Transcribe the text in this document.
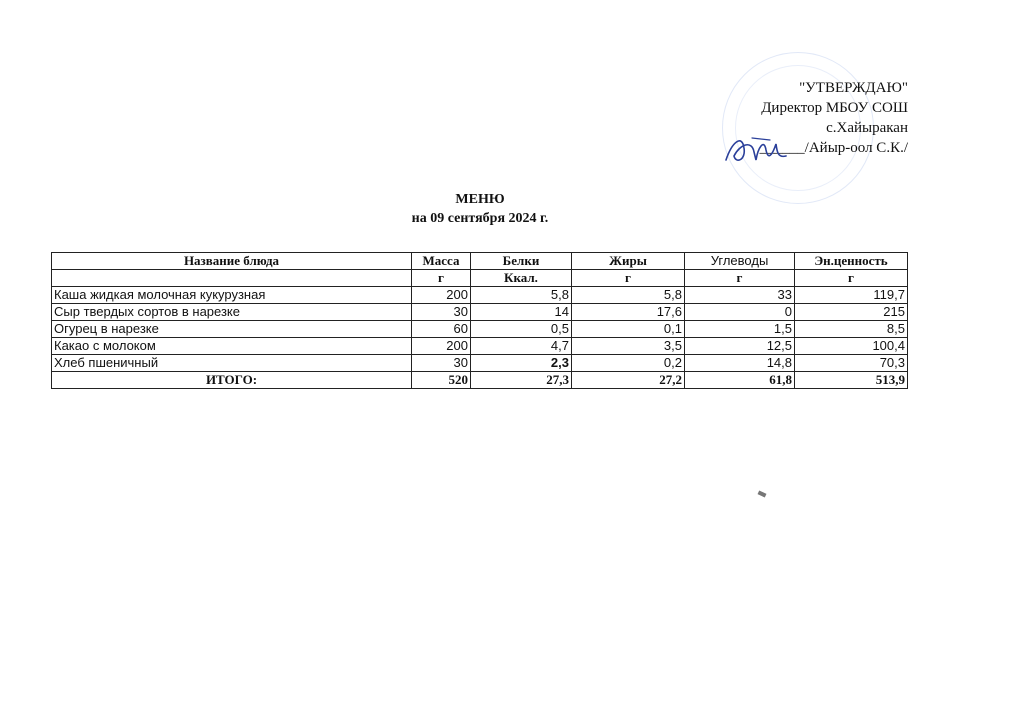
"УТВЕРЖДАЮ"
Директор МБОУ СОШ
с.Хайыракан
______/Айыр-оол С.К./
МЕНЮ
на 09 сентября 2024 г.
Название блюда	Масса	Белки	Жиры	Углеводы	Эн.ценность
	г	Ккал.	г	г	г
Каша жидкая молочная кукурузная	200	5,8	5,8	33	119,7
Сыр твердых сортов в нарезке	30	14	17,6	0	215
Огурец в нарезке	60	0,5	0,1	1,5	8,5
Какао с молоком	200	4,7	3,5	12,5	100,4
Хлеб пшеничный	30	2,3	0,2	14,8	70,3
ИТОГО:	520	27,3	27,2	61,8	513,9
